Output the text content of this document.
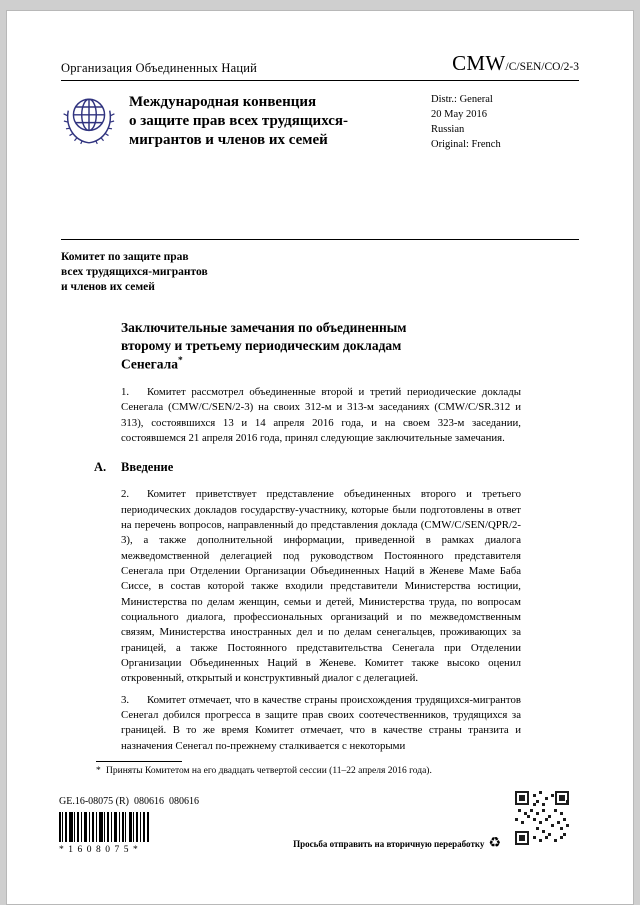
Организация Объединенных Наций	CMW /C/SEN/CO/2-3
Международная конвенция
о защите прав всех трудящихся-
мигрантов и членов их семей
Distr.: General
20 May 2016
Russian
Original: French
Комитет по защите прав
всех трудящихся-мигрантов
и членов их семей
Заключительные замечания по объединенным
второму и третьему периодическим докладам
Сенегала*

1. Комитет рассмотрел объединенные второй и третий периодические доклады Сенегала (CMW/C/SEN/2-3) на своих 312-м и 313-м заседаниях (CMW/C/SR.312 и 313), состоявшихся 13 и 14 апреля 2016 года, и на своем 323-м заседании, состоявшемся 21 апреля 2016 года, принял следующие заключительные замечания.

A.	Введение

2. Комитет приветствует представление объединенных второго и третьего периодических докладов государству-участнику, которые были подготовлены в ответ на перечень вопросов, направленный до представления доклада (CMW/C/SEN/QPR/2-3), а также дополнительной информации, приведенной в рамках диалога межведомственной делегацией под руководством Постоянного представителя Сенегала при Отделении Организации Объединенных Наций в Женеве Маме Баба Сиссе, в состав которой также входили представители Министерства юстиции, Министерства по делам женщин, семьи и детей, Министерства труда, по вопросам социального диалога, профессиональных организаций и по межведомственным связям, Министерства иностранных дел и по делам сенегальцев, проживающих за границей, а также Постоянного представительства Сенегала при Отделении Организации Объединенных Наций в Женеве. Комитет также высоко оценил откровенный, открытый и конструктивный диалог с делегацией.

3. Комитет отмечает, что в качестве страны происхождения трудящихся-мигрантов Сенегал добился прогресса в защите прав своих соотечественников, трудящихся за границей. В то же время Комитет отмечает, что в качестве страны транзита и назначения Сенегал по-прежнему сталкивается с некоторыми

* Приняты Комитетом на его двадцать четвертой сессии (11–22 апреля 2016 года).
GE.16-08075 (R)  080616  080616
*1608075*
Просьба отправить на вторичную переработку ♻
